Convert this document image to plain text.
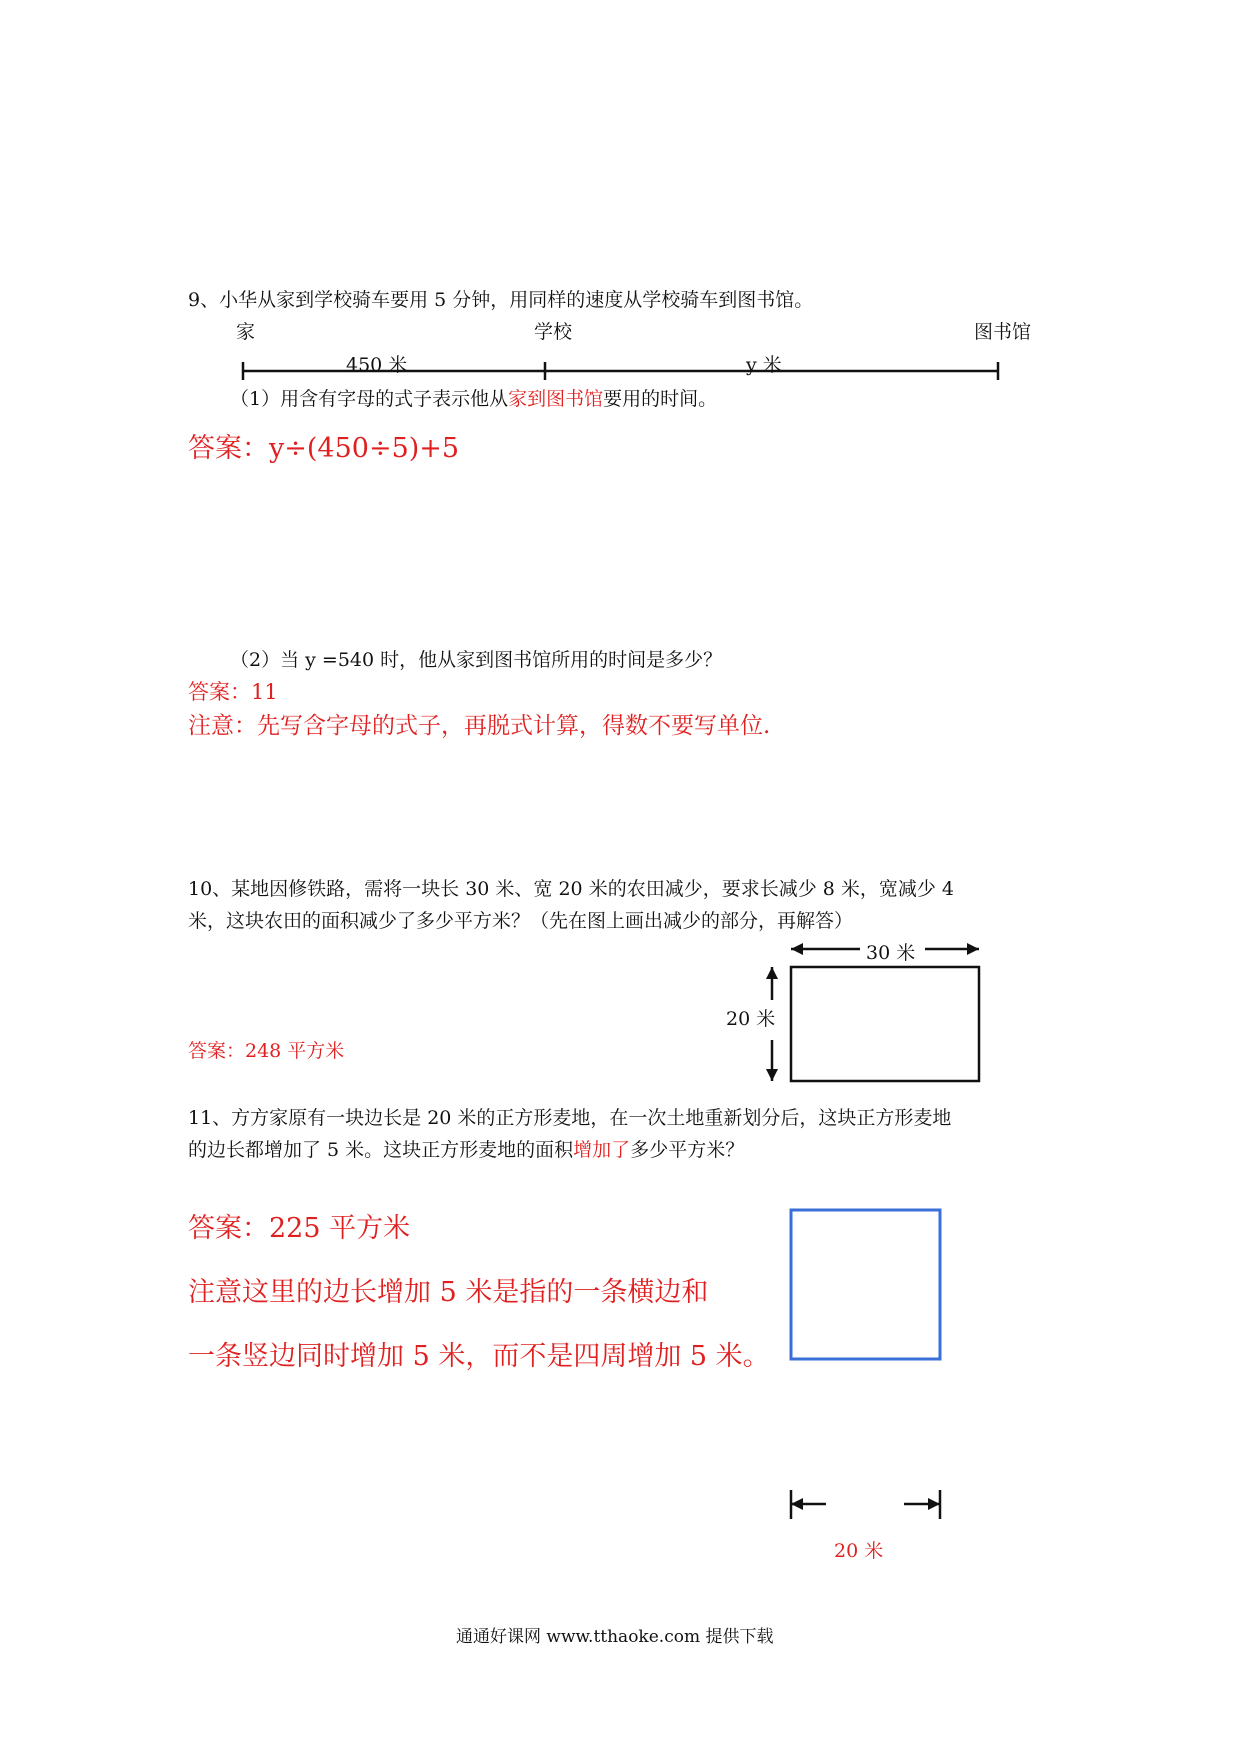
9、小华从家到学校骑车要用 5 分钟，用同样的速度从学校骑车到图书馆。
家	学校	图书馆
450 米	y 米
（1）用含有字母的式子表示他从家到图书馆要用的时间。
答案：y÷(450÷5)+5
（2）当 y =540 时，他从家到图书馆所用的时间是多少？
答案：11
注意：先写含字母的式子，再脱式计算，得数不要写单位.
10、某地因修铁路，需将一块长 30 米、宽 20 米的农田减少，要求长减少 8 米，宽减少 4
米，这块农田的面积减少了多少平方米？（先在图上画出减少的部分，再解答）
30 米
20 米
答案：248 平方米
11、方方家原有一块边长是 20 米的正方形麦地，在一次土地重新划分后，这块正方形麦地
的边长都增加了 5 米。这块正方形麦地的面积增加了多少平方米？
答案：225 平方米
注意这里的边长增加 5 米是指的一条横边和
一条竖边同时增加 5 米，而不是四周增加 5 米。
20 米
通通好课网 www.tthaoke.com 提供下载
